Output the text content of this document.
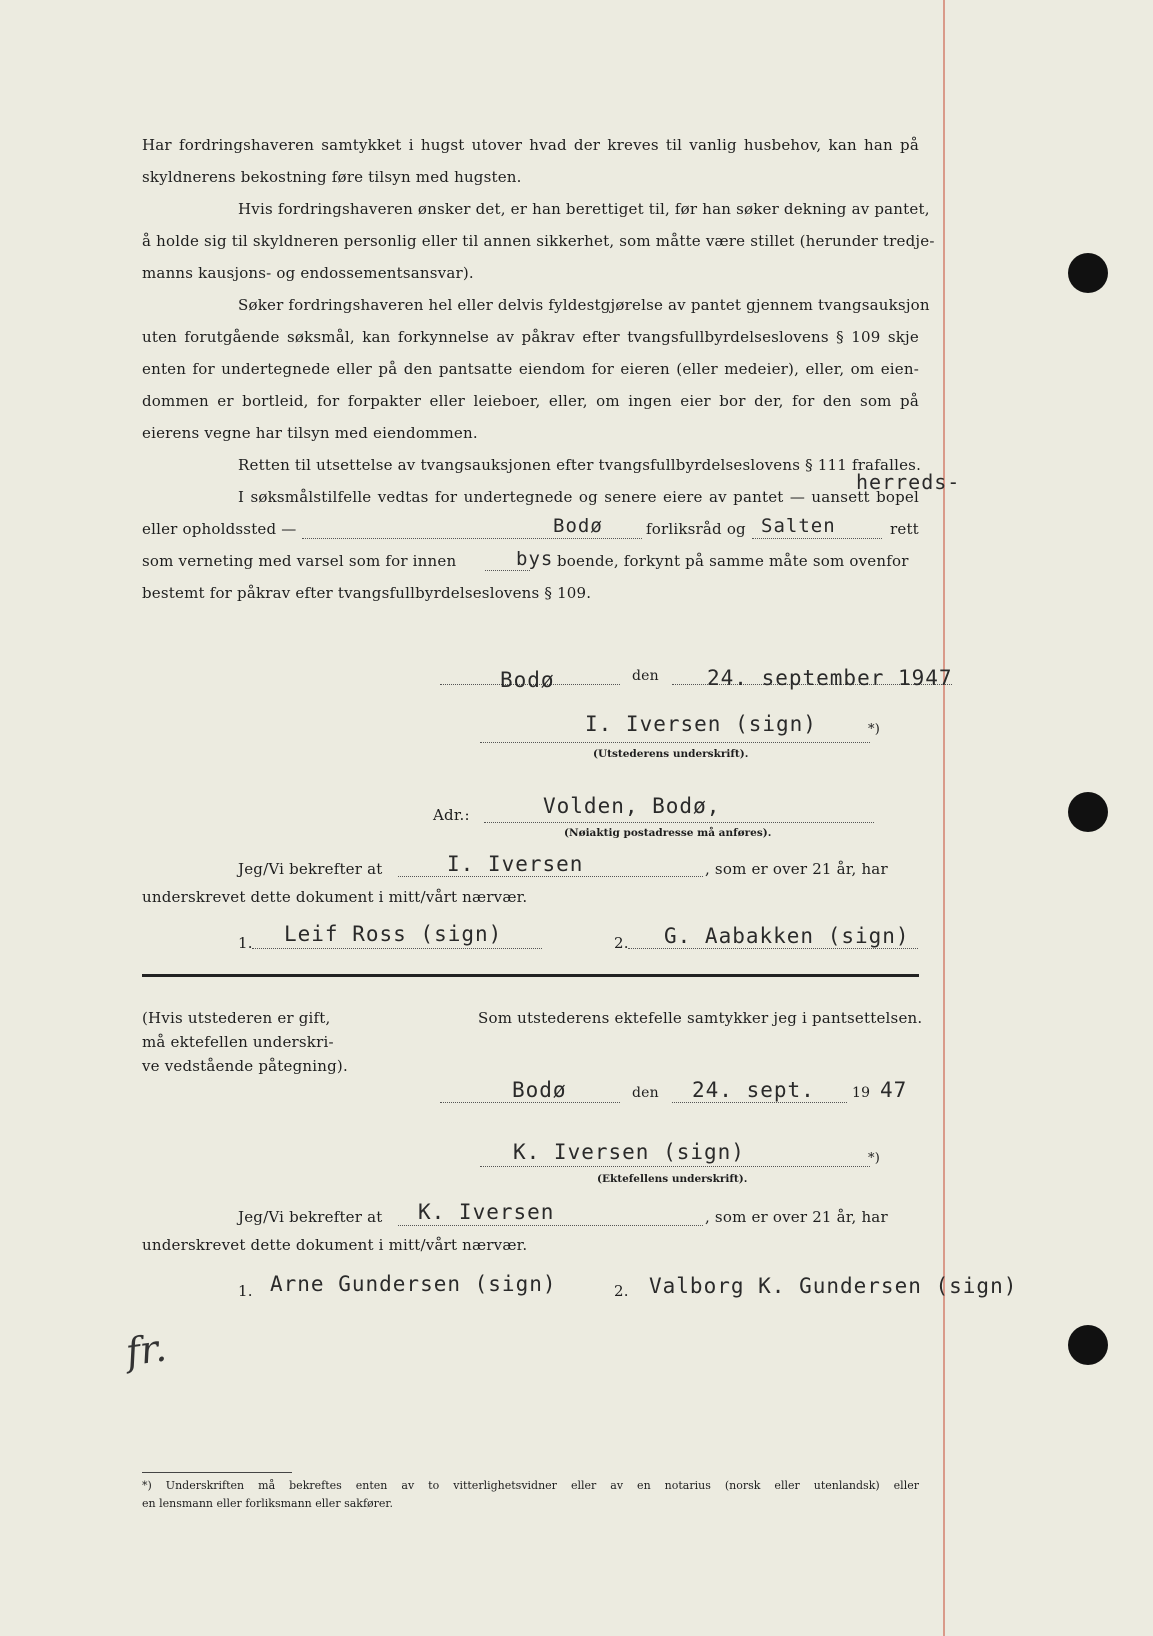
Har fordringshaveren samtykket i hugst utover hvad der kreves til vanlig husbehov, kan han på
skyldnerens bekostning føre tilsyn med hugsten.
Hvis fordringshaveren ønsker det, er han berettiget til, før han søker dekning av pantet,
å holde sig til skyldneren personlig eller til annen sikkerhet, som måtte være stillet (herunder tredje-
manns kausjons- og endossementsansvar).
Søker fordringshaveren hel eller delvis fyldestgjørelse av pantet gjennem tvangsauksjon
uten forutgående søksmål, kan forkynnelse av påkrav efter tvangsfullbyrdelseslovens § 109 skje
enten for undertegnede eller på den pantsatte eiendom for eieren (eller medeier), eller, om eien-
dommen er bortleid, for forpakter eller leieboer, eller, om ingen eier bor der, for den som på
eierens vegne har tilsyn med eiendommen.
Retten til utsettelse av tvangsauksjonen efter tvangsfullbyrdelseslovens § 111 frafalles.
I søksmålstilfelle vedtas for undertegnede og senere eiere av pantet — uansett bopel
herreds-
eller opholdssted —	Bodø	forliksråd og Salten	rett
som verneting med varsel som for innen	bys boende, forkynt på samme måte som ovenfor
bestemt for påkrav efter tvangsfullbyrdelseslovens § 109.
Bodø	den 24. september 1947
I. Iversen (sign)	*)
(Utstederens underskrift).
Adr.:	Volden, Bodø,
(Nøiaktig postadresse må anføres).
Jeg/Vi bekrefter at	I. Iversen	, som er over 21 år, har
underskrevet dette dokument i mitt/vårt nærvær.
1. Leif Ross (sign)	2. G. Aabakken (sign)
(Hvis utstederen er gift,
må ektefellen underskri-
ve vedstående påtegning).
Som utstederens ektefelle samtykker jeg i pantsettelsen.
Bodø	den 24. sept.	19 47
K. Iversen (sign)	*)
(Ektefellens underskrift).
Jeg/Vi bekrefter at K. Iversen	, som er over 21 år, har
underskrevet dette dokument i mitt/vårt nærvær.
1. Arne Gundersen (sign)	2. Valborg K. Gundersen (sign)
fr.
*) Underskriften må bekreftes enten av to vitterlighetsvidner eller av en notarius (norsk eller utenlandsk) eller
en lensmann eller forliksmann eller sakfører.
